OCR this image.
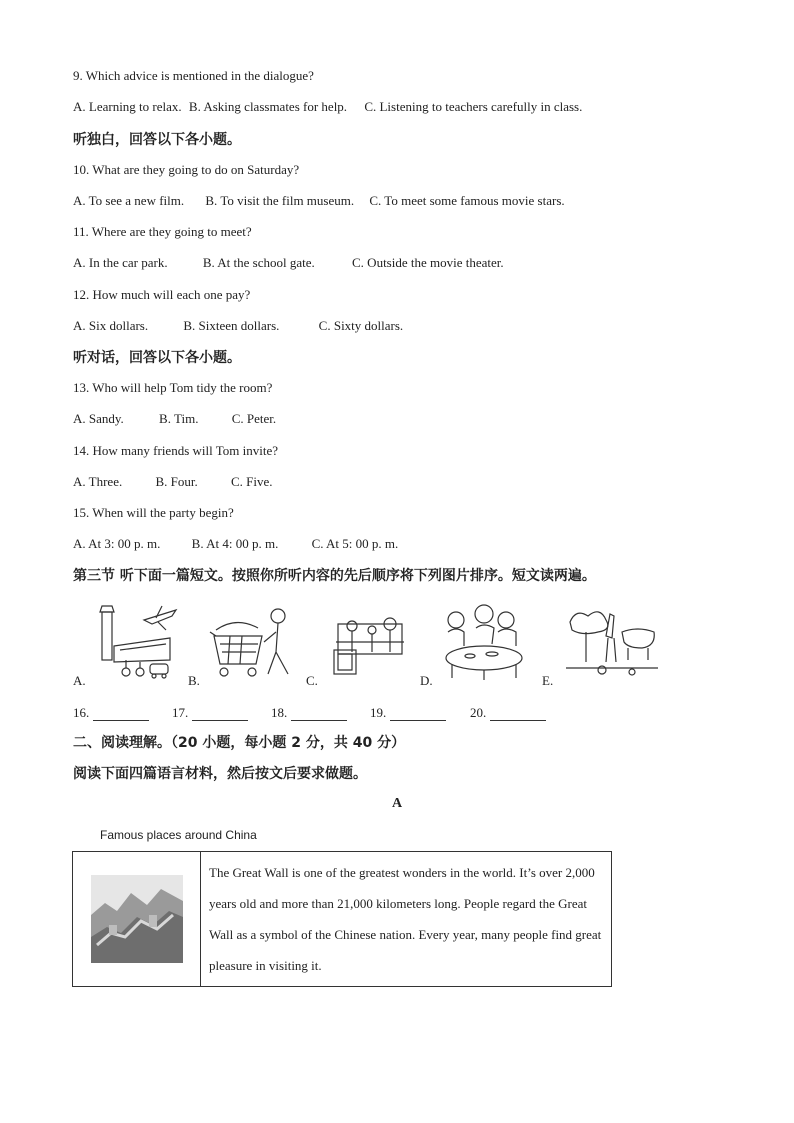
9. Which advice is mentioned in the dialogue?
A. Learning to relax. B. Asking classmates for help. C. Listening to teachers carefully in class.
听独白，回答以下各小题。
10. What are they going to do on Saturday?
A. To see a new film. B. To visit the film museum. C. To meet some famous movie stars.
11. Where are they going to meet?
A. In the car park.	B. At the school gate.	C. Outside the movie theater.
12. How much will each one pay?
A. Six dollars.	B. Sixteen dollars.	C. Sixty dollars.
听对话，回答以下各小题。
13. Who will help Tom tidy the room?
A. Sandy.	B. Tim.	C. Peter.
14. How many friends will Tom invite?
A. Three.	B. Four.	C. Five.
15. When will the party begin?
A. At 3: 00 p. m. B. At 4: 00 p. m.	C. At 5: 00 p. m.
第三节 听下面一篇短文。按照你所听内容的先后顺序将下列图片排序。短文读两遍。
A.	B.	C.	D.	E.
16.	17.	18.	19.	20.
二、阅读理解。（20 小题，每小题 2 分，共 40 分）
阅读下面四篇语言材料，然后按文后要求做题。
A
Famous places around China
	The Great Wall is one of the greatest wonders in the world. It’s over 2,000 years old and more than 21,000 kilometers long. People regard the Great Wall as a symbol of the Chinese nation. Every year, many people find great pleasure in visiting it.
